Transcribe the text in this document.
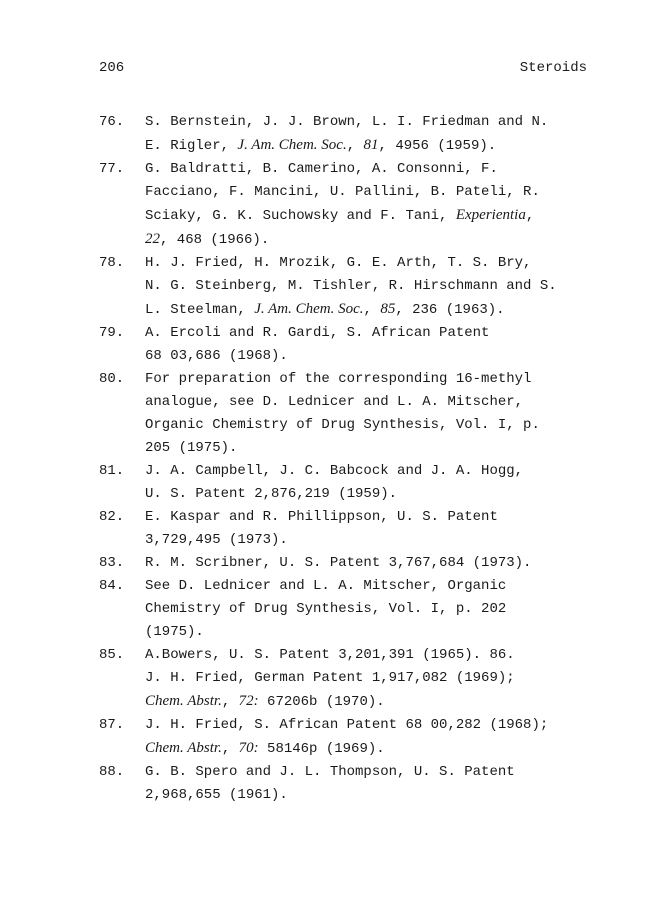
206	Steroids
76.	S. Bernstein, J. J. Brown, L. I. Friedman and N.
E. Rigler, J. Am. Chem. Soc., 81, 4956 (1959).
77.	G. Baldratti, B. Camerino, A. Consonni, F.
Facciano, F. Mancini, U. Pallini, B. Pateli, R.
Sciaky, G. K. Suchowsky and F. Tani, Experientia,
22, 468 (1966).
78.	H. J. Fried, H. Mrozik, G. E. Arth, T. S. Bry,
N. G. Steinberg, M. Tishler, R. Hirschmann and S.
L. Steelman, J. Am. Chem. Soc., 85, 236 (1963).
79.	A. Ercoli and R. Gardi, S. African Patent
68 03,686 (1968).
80.	For preparation of the corresponding 16-methyl
analogue, see D. Lednicer and L. A. Mitscher,
Organic Chemistry of Drug Synthesis, Vol. I, p.
205 (1975).
81.	J. A. Campbell, J. C. Babcock and J. A. Hogg,
U. S. Patent 2,876,219 (1959).
82.	E. Kaspar and R. Phillippson, U. S. Patent
3,729,495 (1973).
83.	R. M. Scribner, U. S. Patent 3,767,684 (1973).
84.	See D. Lednicer and L. A. Mitscher, Organic
Chemistry of Drug Synthesis, Vol. I, p. 202
(1975).
85.	A.Bowers, U. S. Patent 3,201,391 (1965). 86.
J. H. Fried, German Patent 1,917,082 (1969);
Chem. Abstr., 72: 67206b (1970).
87.	J. H. Fried, S. African Patent 68 00,282 (1968);
Chem. Abstr., 70: 58146p (1969).
88.	G. B. Spero and J. L. Thompson, U. S. Patent
2,968,655 (1961).
